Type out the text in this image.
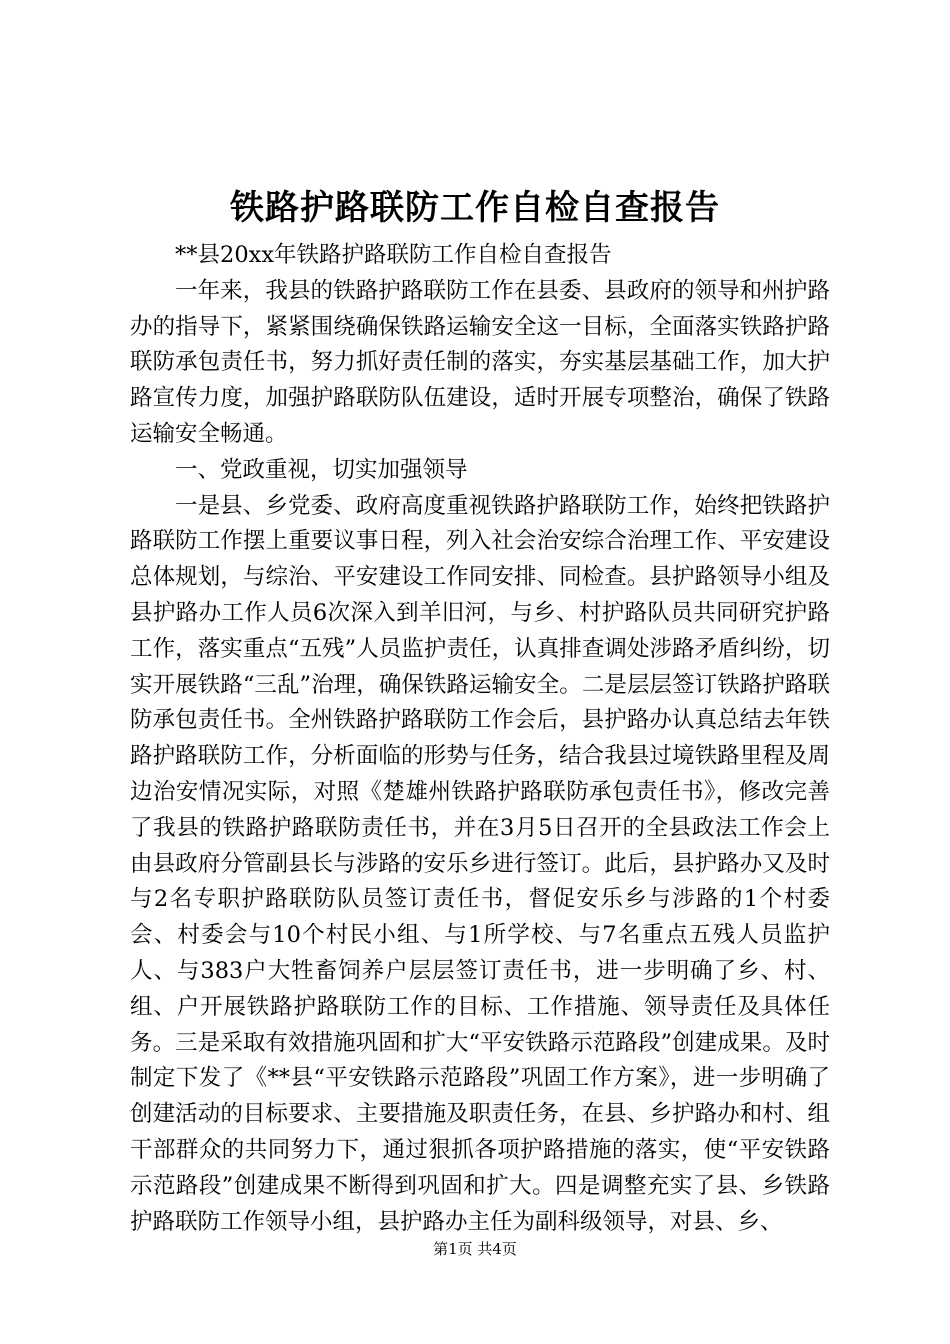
铁路护路联防工作自检自查报告

**县20xx年铁路护路联防工作自检自查报告

一年来，我县的铁路护路联防工作在县委、县政府的领导和州护路办的指导下，紧紧围绕确保铁路运输安全这一目标，全面落实铁路护路联防承包责任书，努力抓好责任制的落实，夯实基层基础工作，加大护路宣传力度，加强护路联防队伍建设，适时开展专项整治，确保了铁路运输安全畅通。

一、党政重视，切实加强领导

一是县、乡党委、政府高度重视铁路护路联防工作，始终把铁路护路联防工作摆上重要议事日程，列入社会治安综合治理工作、平安建设总体规划，与综治、平安建设工作同安排、同检查。县护路领导小组及县护路办工作人员6次深入到羊旧河，与乡、村护路队员共同研究护路工作，落实重点“五残”人员监护责任，认真排查调处涉路矛盾纠纷，切实开展铁路“三乱”治理，确保铁路运输安全。二是层层签订铁路护路联防承包责任书。全州铁路护路联防工作会后，县护路办认真总结去年铁路护路联防工作，分析面临的形势与任务，结合我县过境铁路里程及周边治安情况实际，对照《楚雄州铁路护路联防承包责任书》，修改完善了我县的铁路护路联防责任书，并在3月5日召开的全县政法工作会上由县政府分管副县长与涉路的安乐乡进行签订。此后，县护路办又及时与2名专职护路联防队员签订责任书，督促安乐乡与涉路的1个村委会、村委会与10个村民小组、与1所学校、与7名重点五残人员监护人、与383户大牲畜饲养户层层签订责任书，进一步明确了乡、村、组、户开展铁路护路联防工作的目标、工作措施、领导责任及具体任务。三是采取有效措施巩固和扩大“平安铁路示范路段”创建成果。及时制定下发了《**县“平安铁路示范路段”巩固工作方案》，进一步明确了创建活动的目标要求、主要措施及职责任务，在县、乡护路办和村、组干部群众的共同努力下，通过狠抓各项护路措施的落实，使“平安铁路示范路段”创建成果不断得到巩固和扩大。四是调整充实了县、乡铁路护路联防工作领导小组，县护路办主任为副科级领导，对县、乡、

第1页 共4页
